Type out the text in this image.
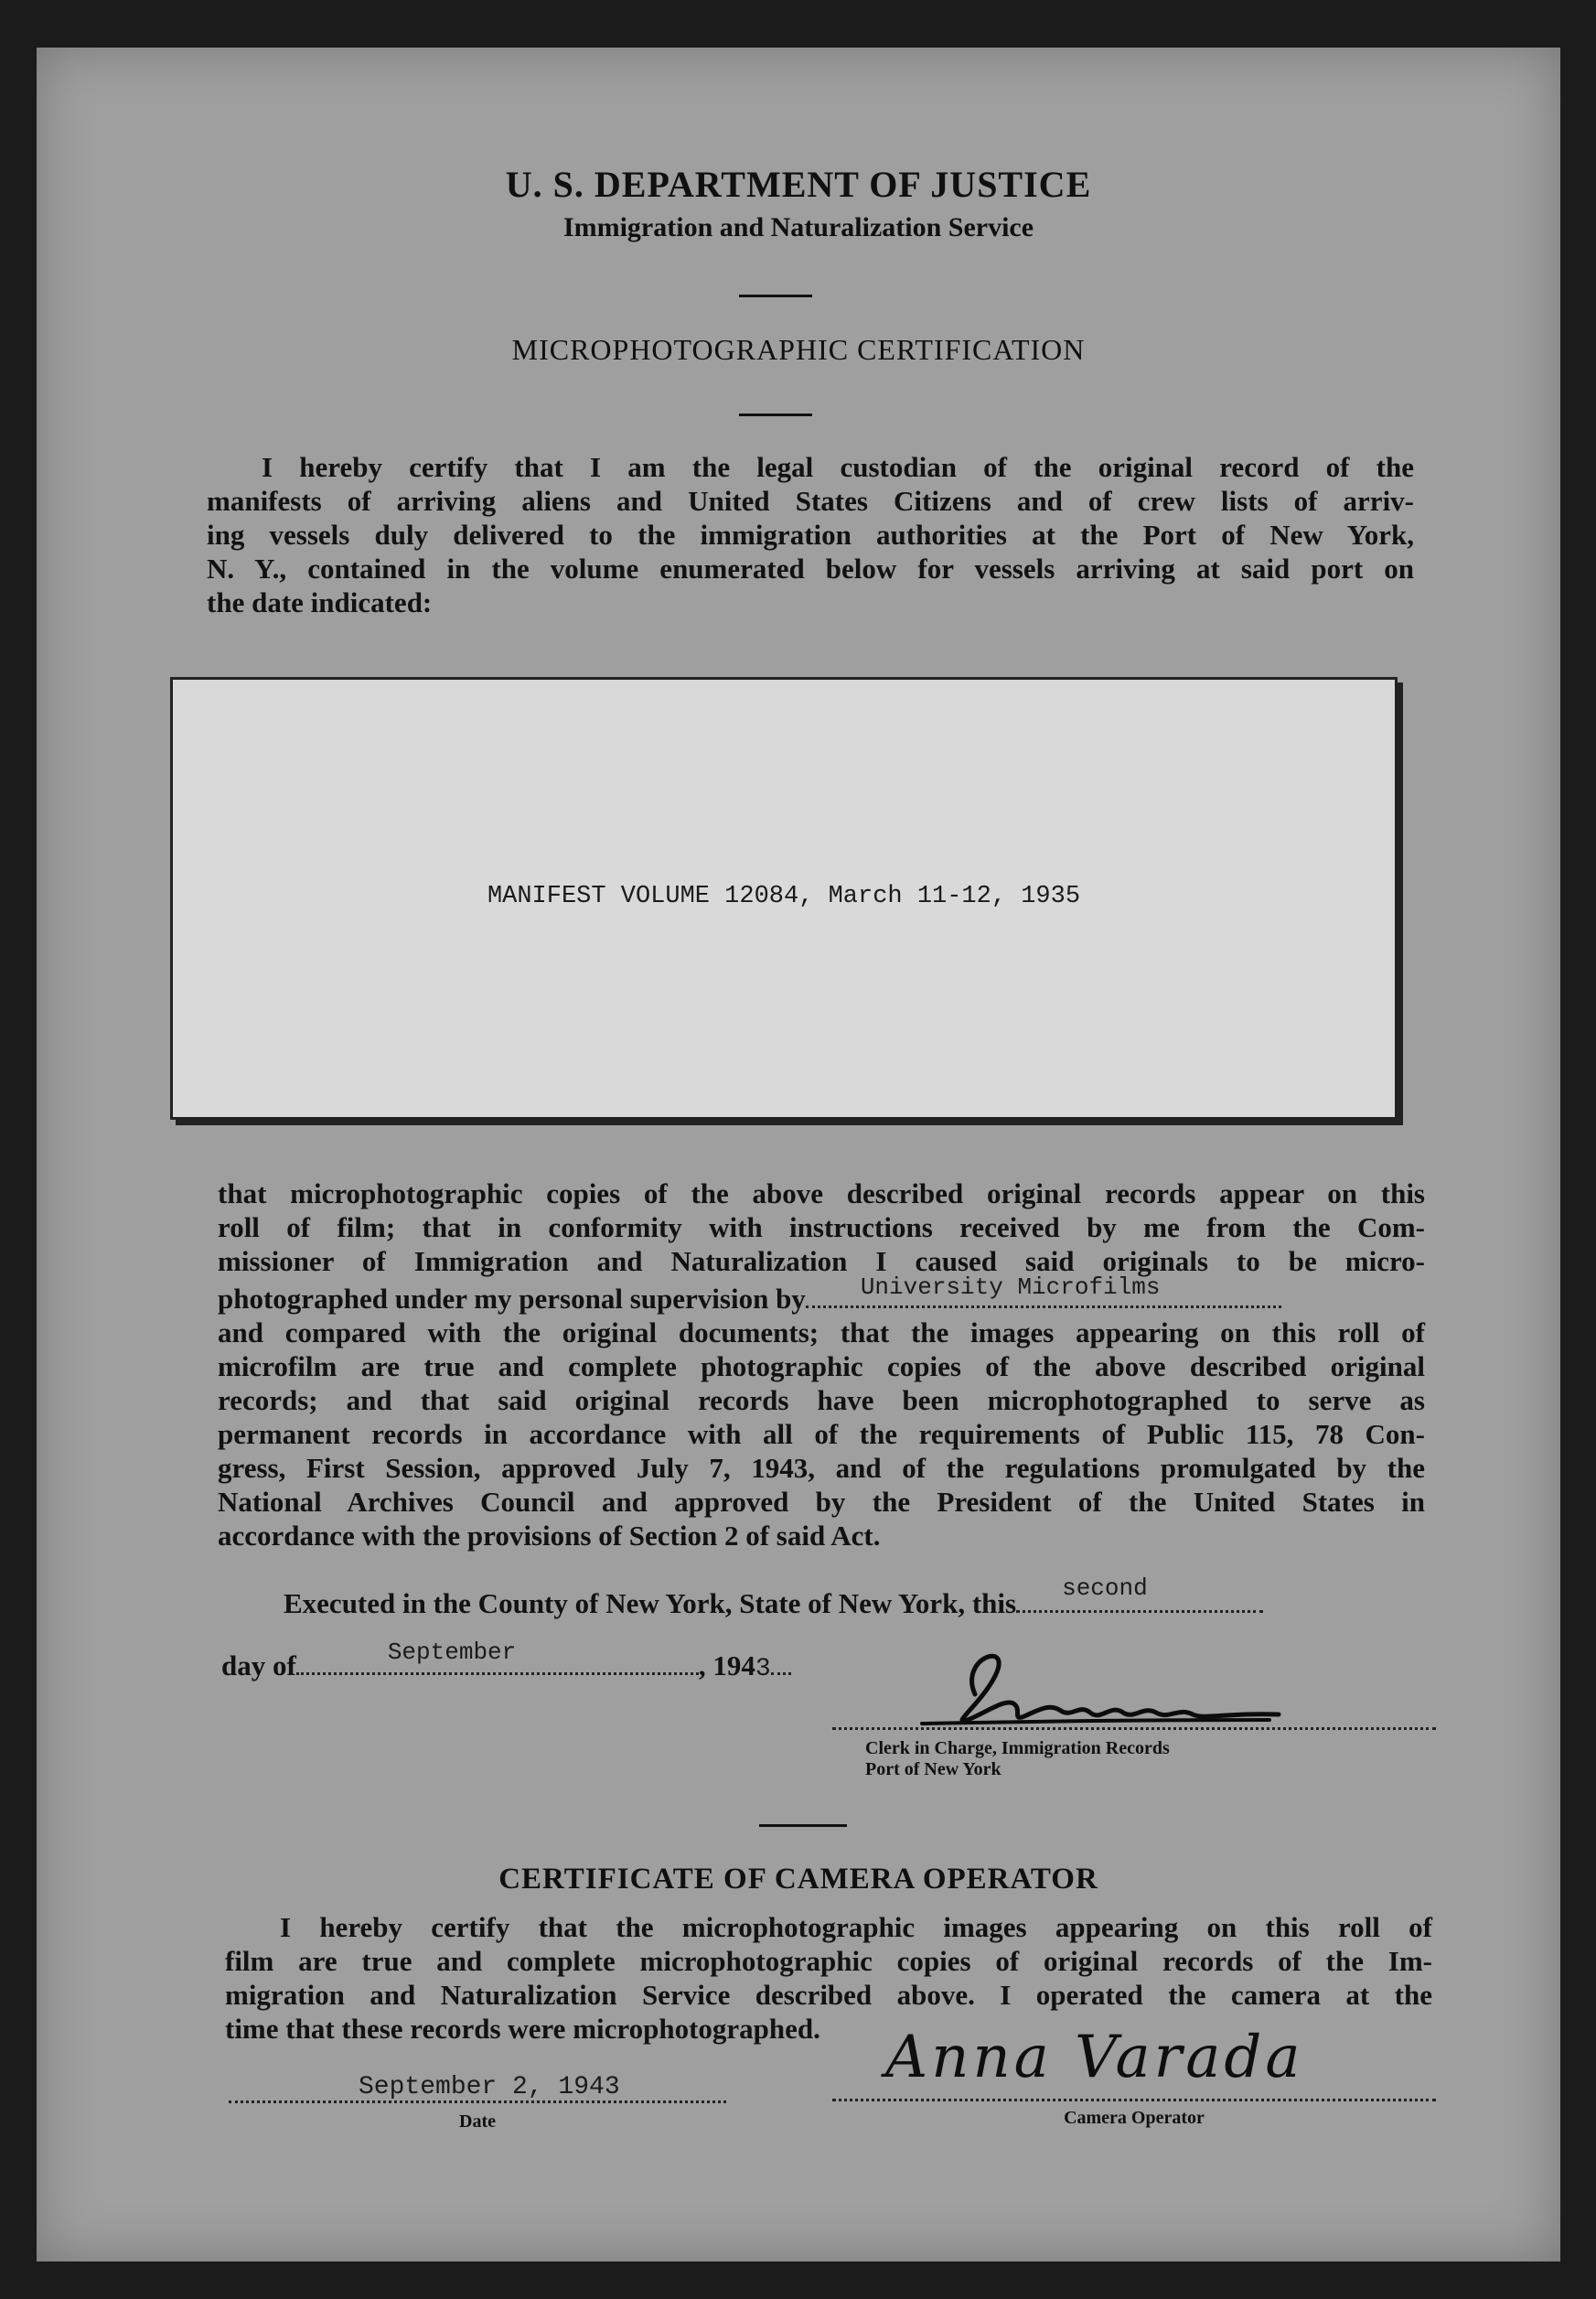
U. S. DEPARTMENT OF JUSTICE
Immigration and Naturalization Service
MICROPHOTOGRAPHIC CERTIFICATION
I hereby certify that I am the legal custodian of the original record of the
manifests of arriving aliens and United States Citizens and of crew lists of arriv-
ing vessels duly delivered to the immigration authorities at the Port of New York,
N. Y., contained in the volume enumerated below for vessels arriving at said port on
the date indicated:
MANIFEST VOLUME 12084, March 11-12, 1935
that microphotographic copies of the above described original records appear on this
roll of film; that in conformity with instructions received by me from the Com-
missioner of Immigration and Naturalization I caused said originals to be micro-
photographed under my personal supervision by University Microfilms
and compared with the original documents; that the images appearing on this roll of
microfilm are true and complete photographic copies of the above described original
records; and that said original records have been microphotographed to serve as
permanent records in accordance with all of the requirements of Public 115, 78 Con-
gress, First Session, approved July 7, 1943, and of the regulations promulgated by the
National Archives Council and approved by the President of the United States in
accordance with the provisions of Section 2 of said Act.
Executed in the County of New York, State of New York, this second
day of	September	, 1943
Clerk in Charge, Immigration Records
Port of New York
CERTIFICATE OF CAMERA OPERATOR
I hereby certify that the microphotographic images appearing on this roll of
film are true and complete microphotographic copies of original records of the Im-
migration and Naturalization Service described above. I operated the camera at the
time that these records were microphotographed.
September 2, 1943
Date
Anna Varada
Camera Operator
